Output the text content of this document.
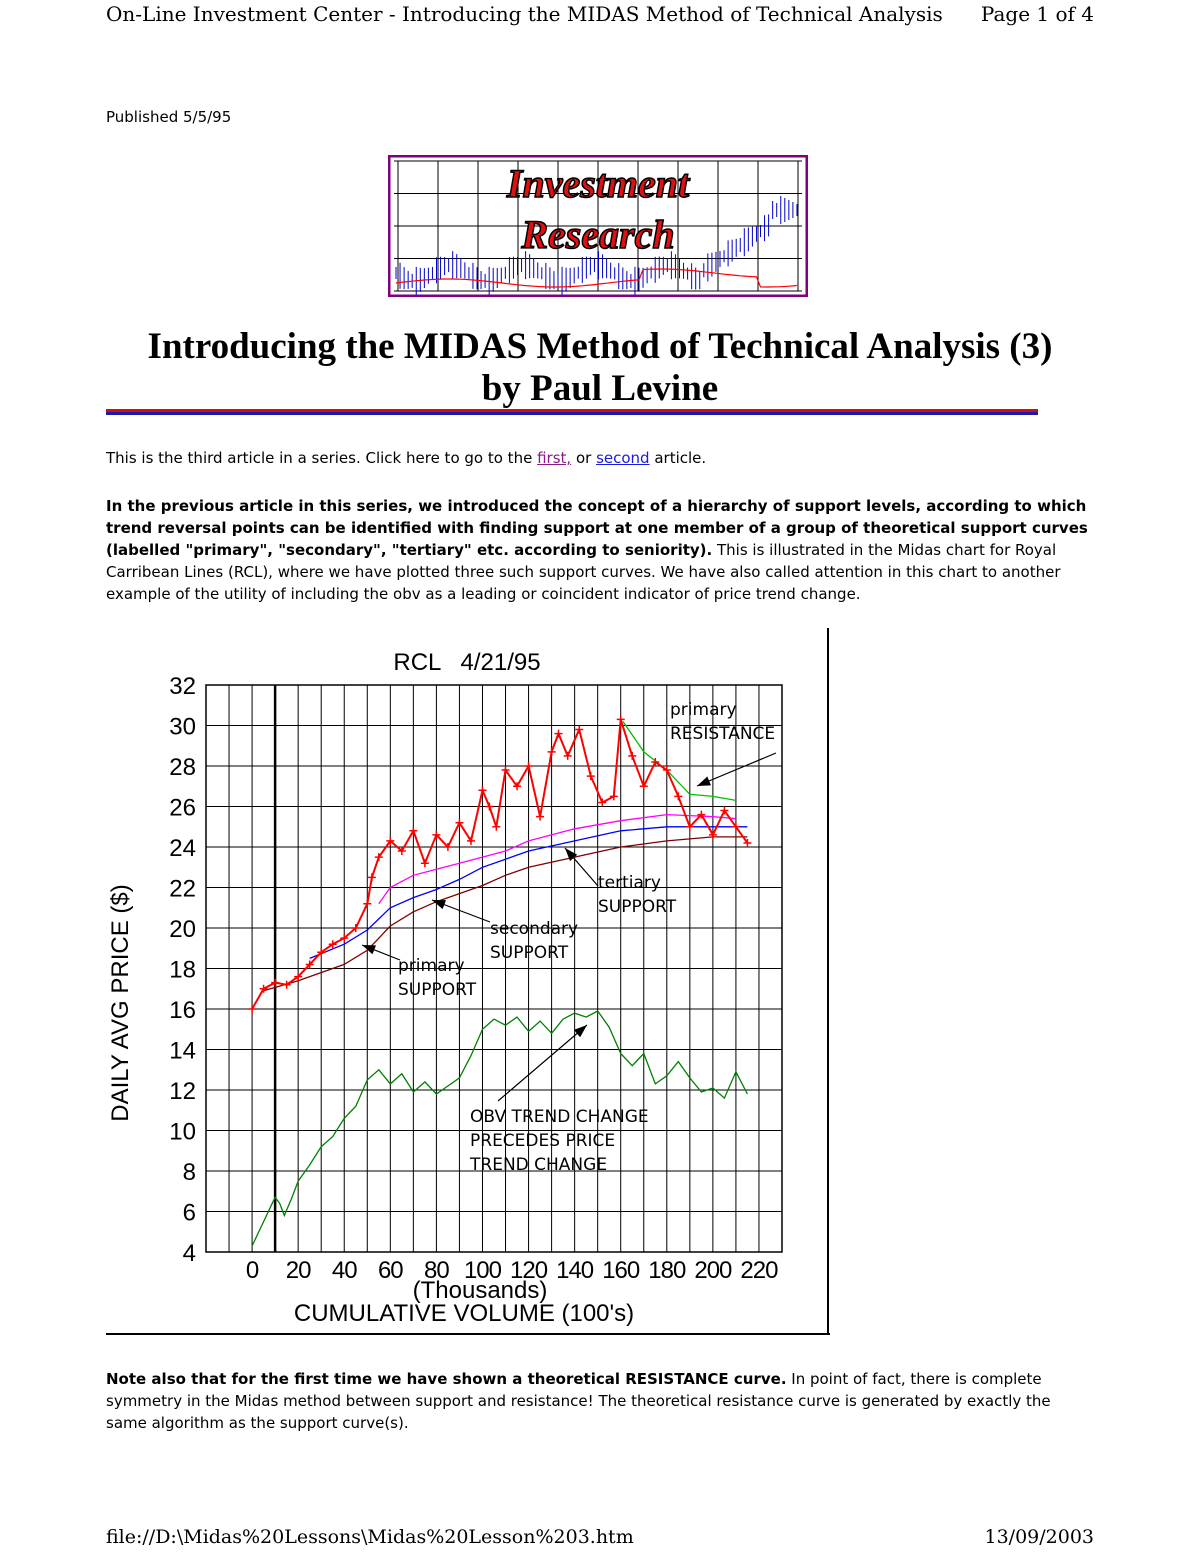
On-Line Investment Center - Introducing the MIDAS Method of Technical Analysis Page 1 of 4
Published 5/5/95
Investment
Research
Introducing the MIDAS Method of Technical Analysis (3)
by Paul Levine
This is the third article in a series. Click here to go to the first, or second article.
In the previous article in this series, we introduced the concept of a hierarchy of support levels, according to which trend reversal points can be identified with finding support at one member of a group of theoretical support curves (labelled "primary", "secondary", "tertiary" etc. according to seniority). This is illustrated in the Midas chart for Royal Carribean Lines (RCL), where we have plotted three such support curves. We have also called attention in this chart to another example of the utility of including the obv as a leading or coincident indicator of price trend change.
0 20 40 60 80 100 120 140 160 180 200 220
4
6
8
10
12
14
16
18
20
22
24
26
28
30
32
primary
RESISTANCE
tertiary
SUPPORT
secondary
SUPPORT
primary
SUPPORT
OBV TREND CHANGE
PRECEDES PRICE
TREND CHANGE
RCL   4/21/95
DAILY AVG PRICE ($)
(Thousands)
CUMULATIVE VOLUME (100's)
Note also that for the first time we have shown a theoretical RESISTANCE curve. In point of fact, there is complete symmetry in the Midas method between support and resistance! The theoretical resistance curve is generated by exactly the same algorithm as the support curve(s).
file://D:\Midas%20Lessons\Midas%20Lesson%203.htm	13/09/2003
